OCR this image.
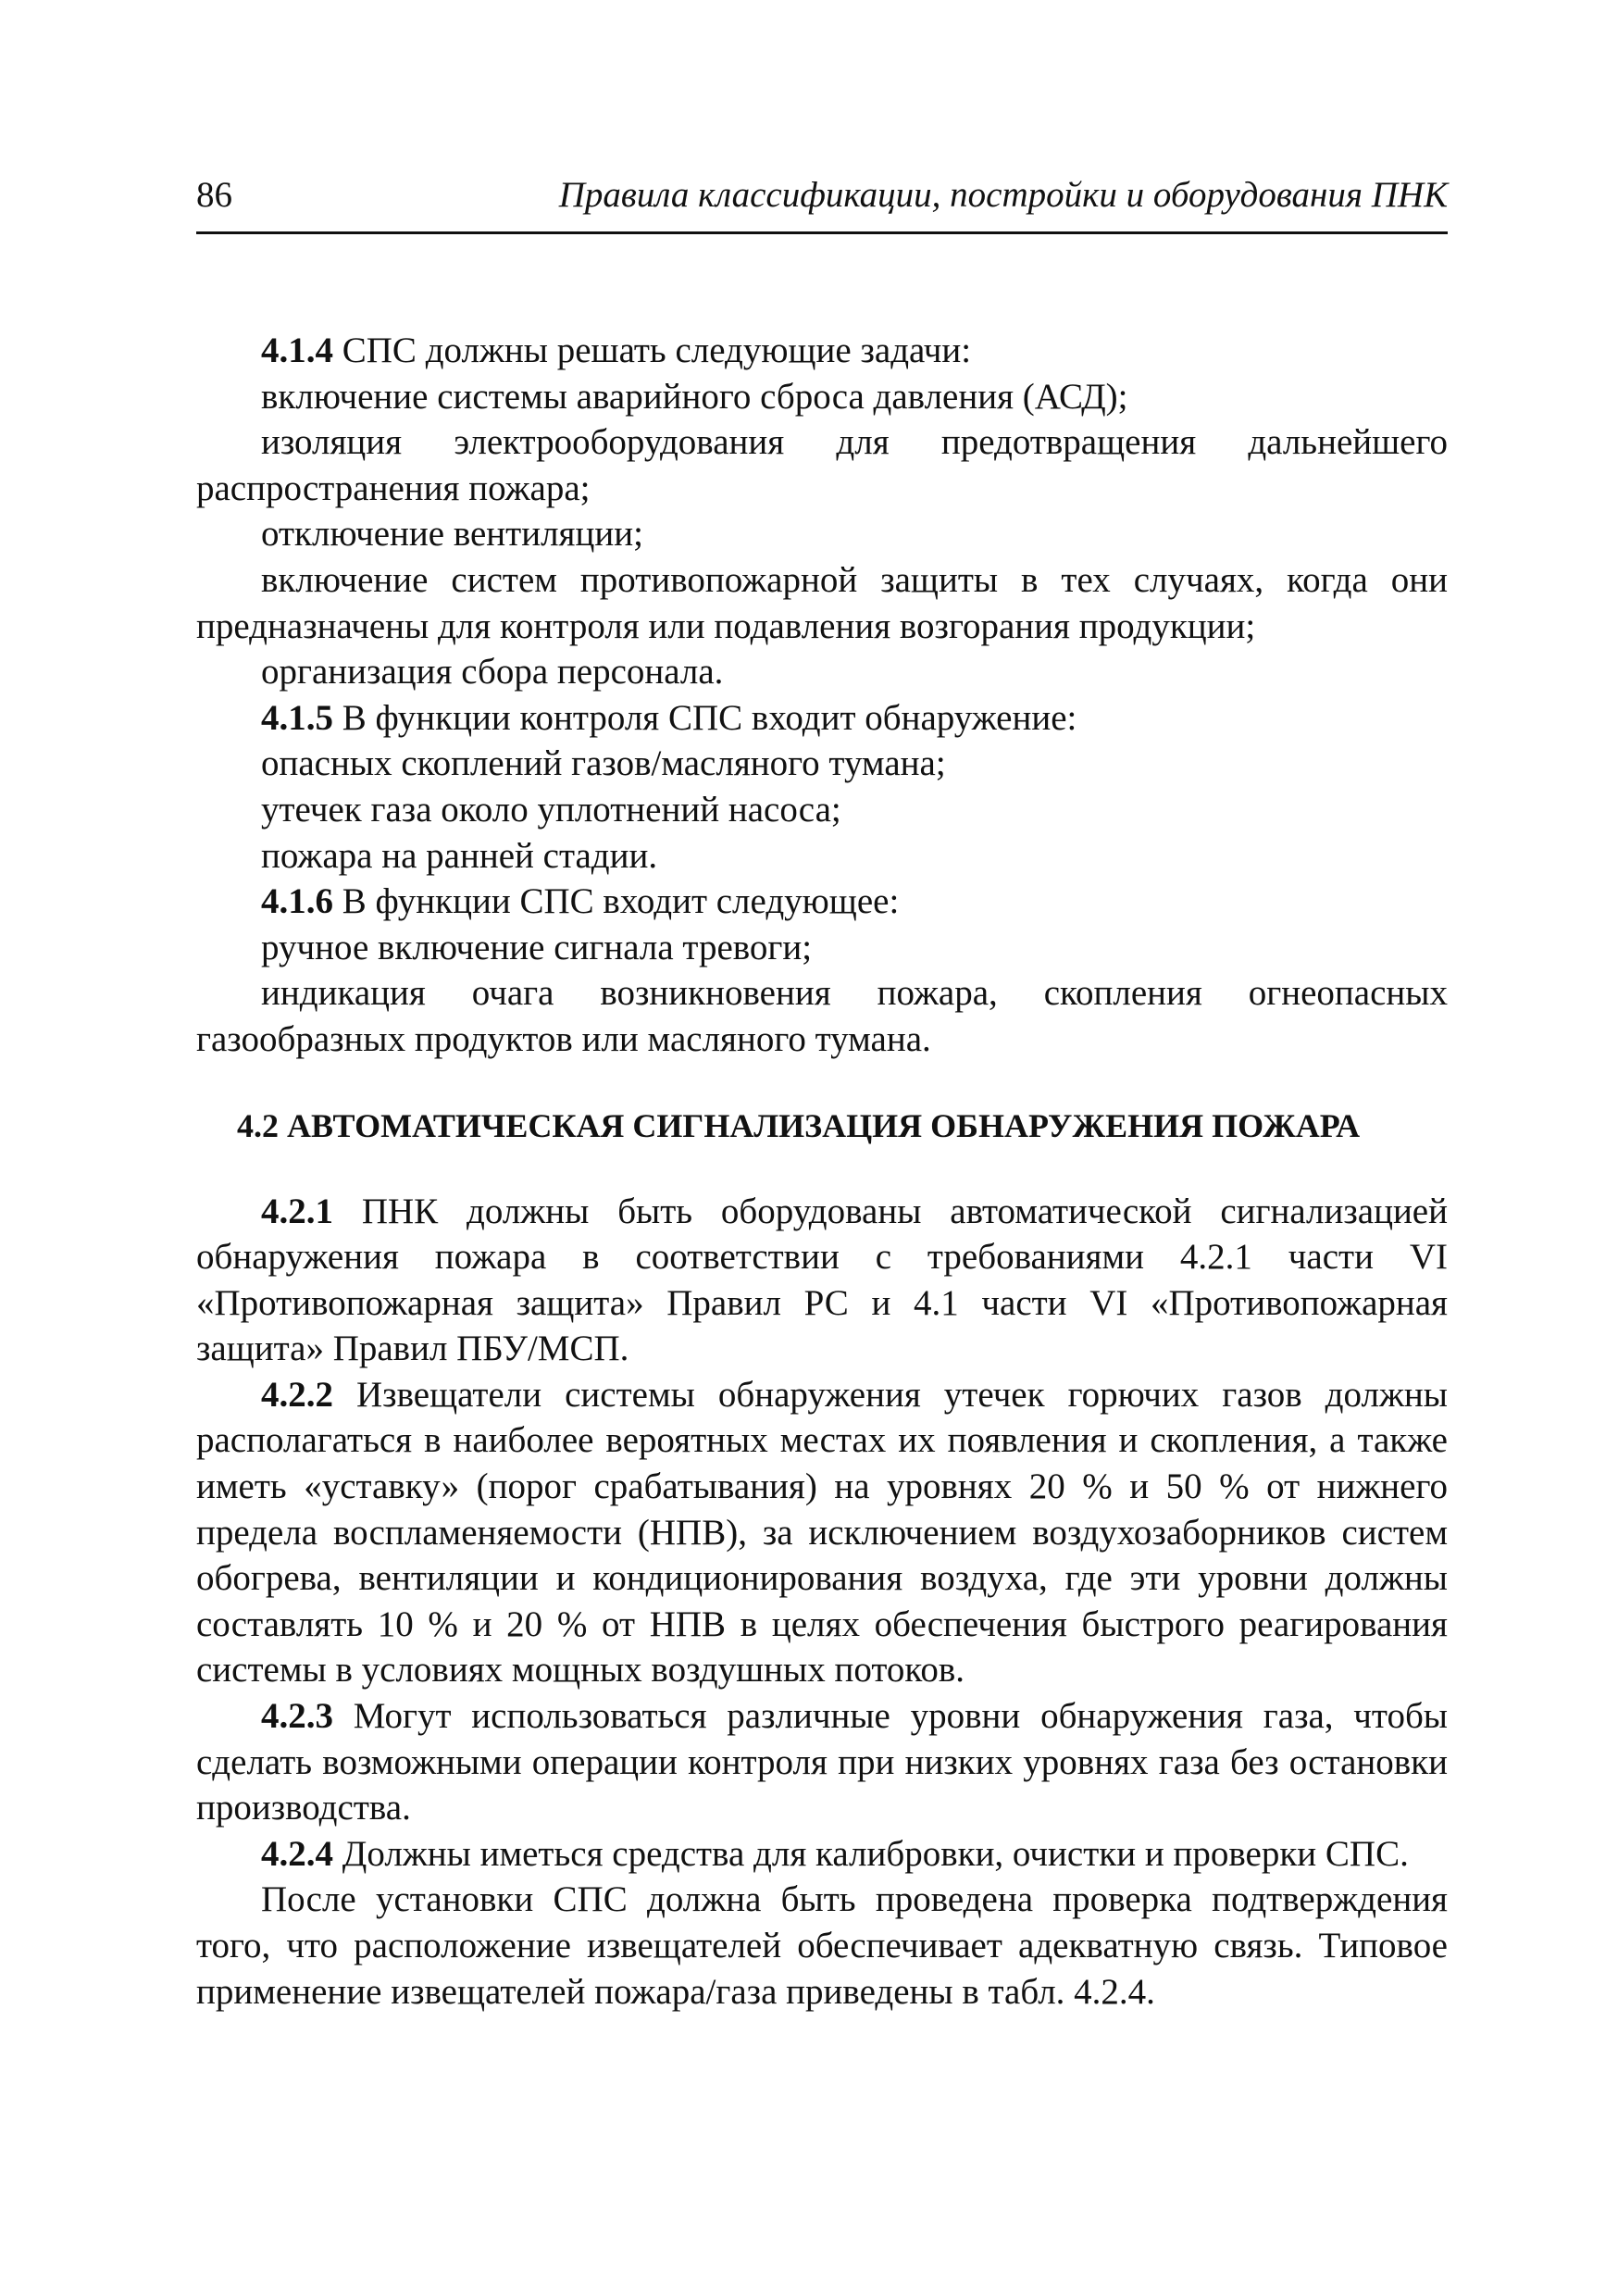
86	Правила классификации, постройки и оборудования ПНК

4.1.4 СПС должны решать следующие задачи:

включение системы аварийного сброса давления (АСД);

изоляция электрооборудования для предотвращения дальнейшего распространения пожара;

отключение вентиляции;

включение систем противопожарной защиты в тех случаях, когда они предназначены для контроля или подавления возгорания продукции;

организация сбора персонала.

4.1.5 В функции контроля СПС входит обнаружение:

опасных скоплений газов/масляного тумана;

утечек газа около уплотнений насоса;

пожара на ранней стадии.

4.1.6 В функции СПС входит следующее:

ручное включение сигнала тревоги;

индикация очага возникновения пожара, скопления огнеопасных газообразных продуктов или масляного тумана.

4.2 АВТОМАТИЧЕСКАЯ СИГНАЛИЗАЦИЯ ОБНАРУЖЕНИЯ ПОЖАРА

4.2.1 ПНК должны быть оборудованы автоматической сигнализацией обнаружения пожара в соответствии с требованиями 4.2.1 части VI «Противопожарная защита» Правил РС и 4.1 части VI «Противопожарная защита» Правил ПБУ/МСП.

4.2.2 Извещатели системы обнаружения утечек горючих газов должны располагаться в наиболее вероятных местах их появления и скопления, а также иметь «уставку» (порог срабатывания) на уровнях 20 % и 50 % от нижнего предела воспламеняемости (НПВ), за исключением воздухозаборников систем обогрева, вентиляции и кондиционирования воздуха, где эти уровни должны составлять 10 % и 20 % от НПВ в целях обеспечения быстрого реагирования системы в условиях мощных воздушных потоков.

4.2.3 Могут использоваться различные уровни обнаружения газа, чтобы сделать возможными операции контроля при низких уровнях газа без остановки производства.

4.2.4 Должны иметься средства для калибровки, очистки и проверки СПС.

После установки СПС должна быть проведена проверка подтверждения того, что расположение извещателей обеспечивает адекватную связь. Типовое применение извещателей пожара/газа приведены в табл. 4.2.4.
